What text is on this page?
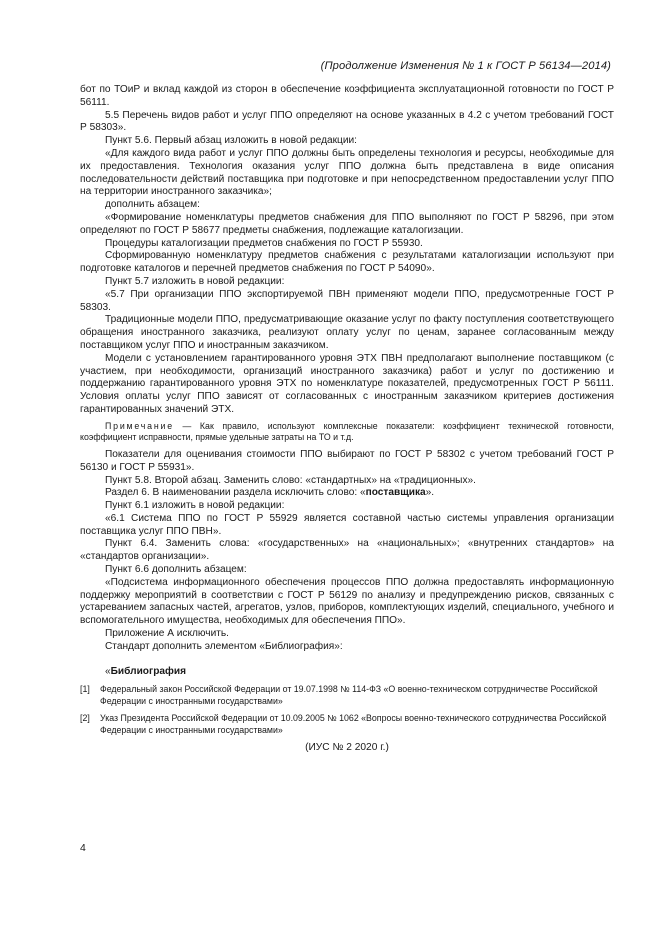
(Продолжение Изменения № 1 к ГОСТ Р 56134—2014)

бот по ТОиР и вклад каждой из сторон в обеспечение коэффициента эксплуатационной готовности по ГОСТ Р 56111.

5.5 Перечень видов работ и услуг ППО определяют на основе указанных в 4.2 с учетом требований ГОСТ Р 58303».

Пункт 5.6. Первый абзац изложить в новой редакции:

«Для каждого вида работ и услуг ППО должны быть определены технология и ресурсы, необходимые для их предоставления. Технология оказания услуг ППО должна быть представлена в виде описания последовательности действий поставщика при подготовке и при непосредственном предоставлении услуг ППО на территории иностранного заказчика»;

дополнить абзацем:

«Формирование номенклатуры предметов снабжения для ППО выполняют по ГОСТ Р 58296, при этом определяют по ГОСТ Р 58677 предметы снабжения, подлежащие каталогизации.

Процедуры каталогизации предметов снабжения по ГОСТ Р 55930.

Сформированную номенклатуру предметов снабжения с результатами каталогизации используют при подготовке каталогов и перечней предметов снабжения по ГОСТ Р 54090».

Пункт 5.7 изложить в новой редакции:

«5.7 При организации ППО экспортируемой ПВН применяют модели ППО, предусмотренные ГОСТ Р 58303.

Традиционные модели ППО, предусматривающие оказание услуг по факту поступления соответствующего обращения иностранного заказчика, реализуют оплату услуг по ценам, заранее согласованным между поставщиком услуг ППО и иностранным заказчиком.

Модели с установлением гарантированного уровня ЭТХ ПВН предполагают выполнение поставщиком (с участием, при необходимости, организаций иностранного заказчика) работ и услуг по достижению и поддержанию гарантированного уровня ЭТХ по номенклатуре показателей, предусмотренных ГОСТ Р 56111. Условия оплаты услуг ППО зависят от согласованных с иностранным заказчиком критериев достижения гарантированных значений ЭТХ.

Примечание — Как правило, используют комплексные показатели: коэффициент технической готовности, коэффициент исправности, прямые удельные затраты на ТО и т.д.

Показатели для оценивания стоимости ППО выбирают по ГОСТ Р 58302 с учетом требований ГОСТ Р 56130 и ГОСТ Р 55931».

Пункт 5.8. Второй абзац. Заменить слово: «стандартных» на «традиционных».

Раздел 6. В наименовании раздела исключить слово: «поставщика».

Пункт 6.1 изложить в новой редакции:

«6.1 Система ППО по ГОСТ Р 55929 является составной частью системы управления организации поставщика услуг ППО ПВН».

Пункт 6.4. Заменить слова: «государственных» на «национальных»; «внутренних стандартов» на «стандартов организации».

Пункт 6.6 дополнить абзацем:

«Подсистема информационного обеспечения процессов ППО должна предоставлять информационную поддержку мероприятий в соответствии с ГОСТ Р 56129 по анализу и предупреждению рисков, связанных с устареванием запасных частей, агрегатов, узлов, приборов, комплектующих изделий, специального, учебного и вспомогательного имущества, необходимых для обеспечения ППО».

Приложение А исключить.

Стандарт дополнить элементом «Библиография»:

«Библиография

[1] Федеральный закон Российской Федерации от 19.07.1998 № 114-ФЗ «О военно-техническом сотрудничестве Российской Федерации с иностранными государствами»
[2] Указ Президента Российской Федерации от 10.09.2005 № 1062 «Вопросы военно-технического сотрудничества Российской Федерации с иностранными государствами»

(ИУС № 2 2020 г.)

4
